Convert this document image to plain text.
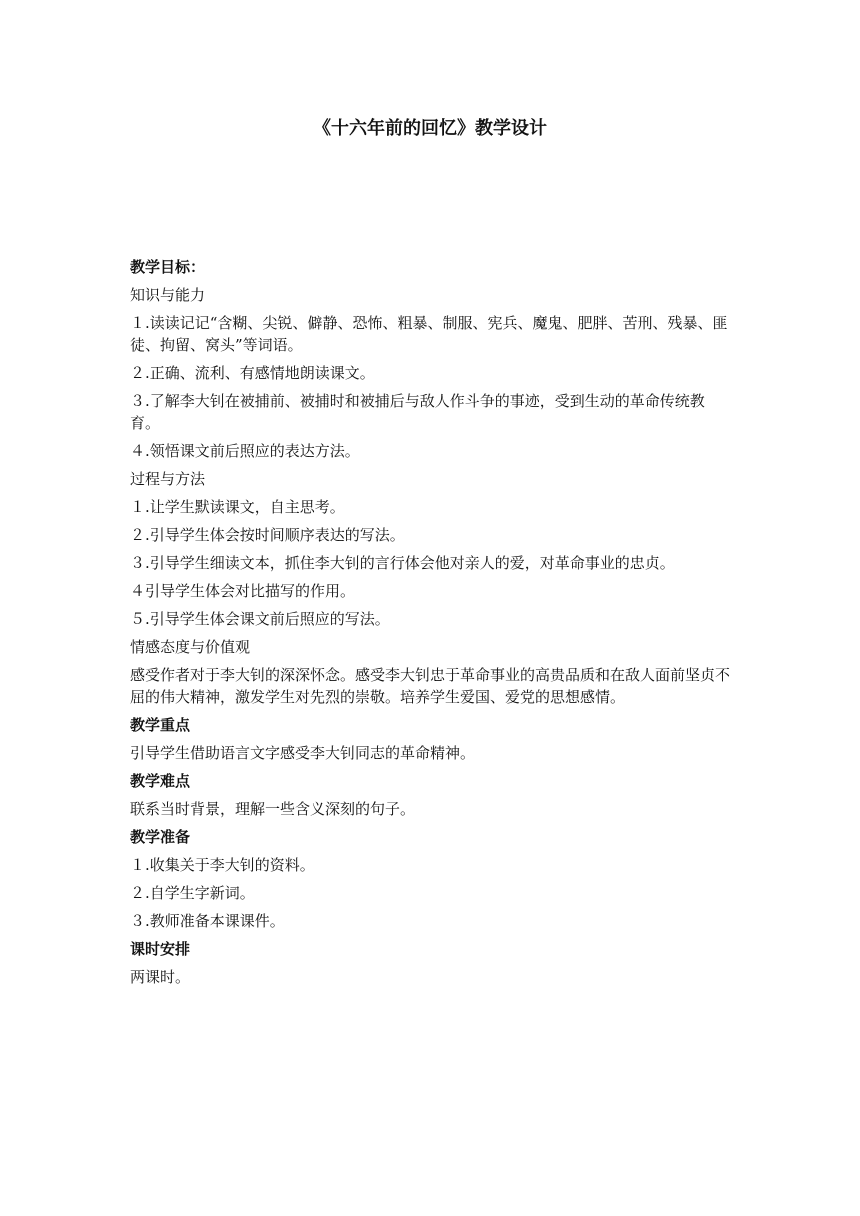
《十六年前的回忆》教学设计

教学目标：

知识与能力

１.读读记记“含糊、尖锐、僻静、恐怖、粗暴、制服、宪兵、魔鬼、肥胖、苦刑、残暴、匪徒、拘留、窝头”等词语。

２.正确、流利、有感情地朗读课文。

３.了解李大钊在被捕前、被捕时和被捕后与敌人作斗争的事迹，受到生动的革命传统教育。

４.领悟课文前后照应的表达方法。

过程与方法

１.让学生默读课文，自主思考。

２.引导学生体会按时间顺序表达的写法。

３.引导学生细读文本，抓住李大钊的言行体会他对亲人的爱，对革命事业的忠贞。

４引导学生体会对比描写的作用。

５.引导学生体会课文前后照应的写法。

情感态度与价值观

感受作者对于李大钊的深深怀念。感受李大钊忠于革命事业的高贵品质和在敌人面前坚贞不屈的伟大精神，激发学生对先烈的崇敬。培养学生爱国、爱党的思想感情。

教学重点

引导学生借助语言文字感受李大钊同志的革命精神。

教学难点

联系当时背景，理解一些含义深刻的句子。

教学准备

１.收集关于李大钊的资料。

２.自学生字新词。

３.教师准备本课课件。

课时安排

两课时。
